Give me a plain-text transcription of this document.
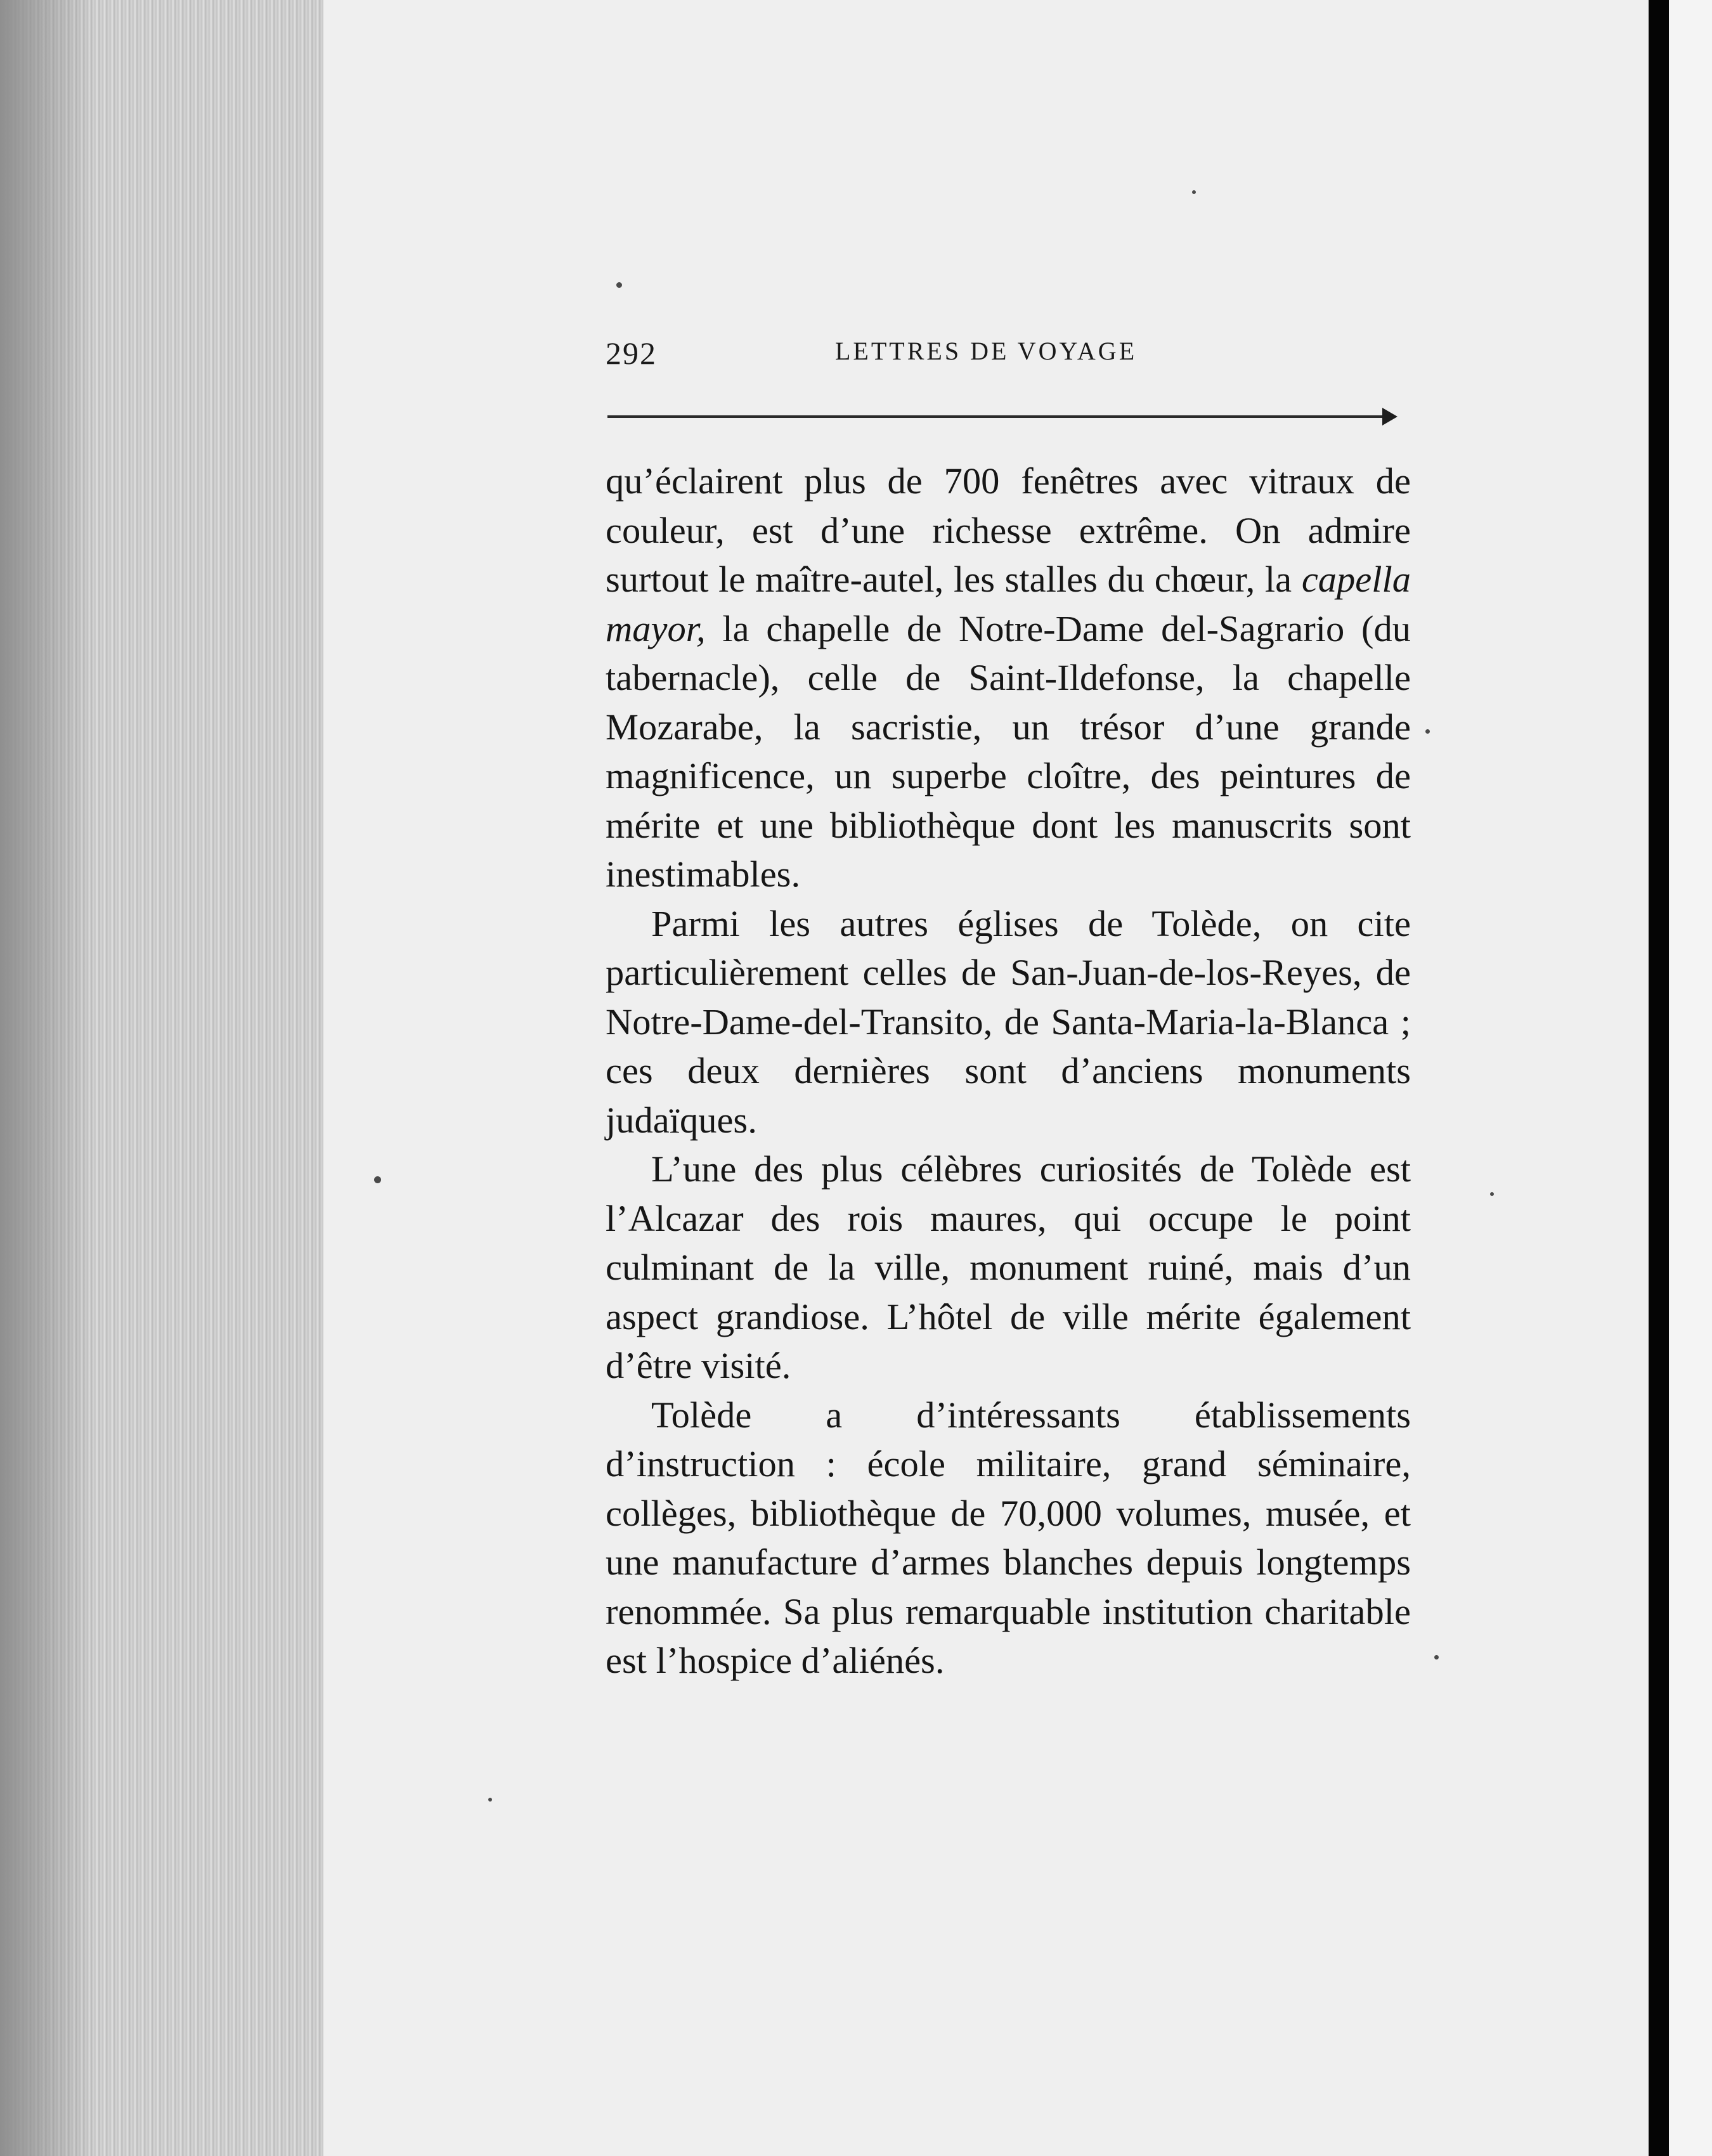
292	LETTRES DE VOYAGE

qu’éclairent plus de 700 fenêtres avec vitraux de couleur, est d’une richesse extrême. On admire surtout le maître-autel, les stalles du chœur, la capella mayor, la chapelle de Notre-Dame del-Sagrario (du tabernacle), celle de Saint-Ildefonse, la chapelle Mozarabe, la sacristie, un trésor d’une grande magnificence, un superbe cloître, des peintures de mérite et une bibliothèque dont les manuscrits sont inestimables.

Parmi les autres églises de Tolède, on cite particulièrement celles de San-Juan-de-los-Reyes, de Notre-Dame-del-Transito, de Santa-Maria-la-Blanca ; ces deux dernières sont d’anciens monuments judaïques.

L’une des plus célèbres curiosités de Tolède est l’Alcazar des rois maures, qui occupe le point culminant de la ville, monument ruiné, mais d’un aspect grandiose. L’hôtel de ville mérite également d’être visité.

Tolède a d’intéressants établissements d’instruction : école militaire, grand séminaire, collèges, bibliothèque de 70,000 volumes, musée, et une manufacture d’armes blanches depuis longtemps renommée. Sa plus remarquable institution charitable est l’hospice d’aliénés.
